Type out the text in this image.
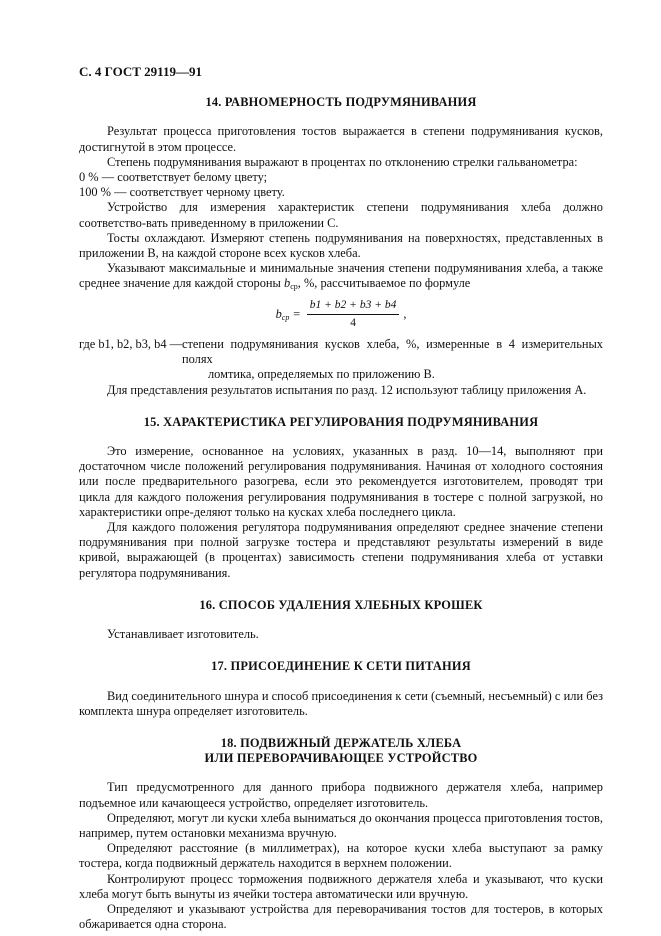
С. 4 ГОСТ 29119—91
14. РАВНОМЕРНОСТЬ ПОДРУМЯНИВАНИЯ

Результат процесса приготовления тостов выражается в степени подрумянивания кусков, достигнутой в этом процессе.

Степень подрумянивания выражают в процентах по отклонению стрелки гальванометра:

0 % — соответствует белому цвету;

100 % — соответствует черному цвету.

Устройство для измерения характеристик степени подрумянивания хлеба должно соответство-вать приведенному в приложении С.

Тосты охлаждают. Измеряют степень подрумянивания на поверхностях, представленных в приложении В, на каждой стороне всех кусков хлеба.

Указывают максимальные и минимальные значения степени подрумянивания хлеба, а также среднее значение для каждой стороны $b_{ср}$, %, рассчитываемое по формуле

$b_{ср} = \frac{b1 + b2 + b3 + b4}{4}$ ,
где b1, b2, b3, b4 — степени подрумянивания кусков хлеба, %, измеренные в 4 измерительных полях

ломтика, определяемых по приложению В.

Для представления результатов испытания по разд. 12 используют таблицу приложения А.

15. ХАРАКТЕРИСТИКА РЕГУЛИРОВАНИЯ ПОДРУМЯНИВАНИЯ

Это измерение, основанное на условиях, указанных в разд. 10—14, выполняют при достаточном числе положений регулирования подрумянивания. Начиная от холодного состояния или после предварительного разогрева, если это рекомендуется изготовителем, проводят три цикла для каждого положения регулирования подрумянивания в тостере с полной загрузкой, но характеристики опре-деляют только на кусках хлеба последнего цикла.

Для каждого положения регулятора подрумянивания определяют среднее значение степени подрумянивания при полной загрузке тостера и представляют результаты измерений в виде кривой, выражающей (в процентах) зависимость степени подрумянивания хлеба от уставки регулятора подрумянивания.

16. СПОСОБ УДАЛЕНИЯ ХЛЕБНЫХ КРОШЕК

Устанавливает изготовитель.

17. ПРИСОЕДИНЕНИЕ К СЕТИ ПИТАНИЯ

Вид соединительного шнура и способ присоединения к сети (съемный, несъемный) с или без комплекта шнура определяет изготовитель.

18. ПОДВИЖНЫЙ ДЕРЖАТЕЛЬ ХЛЕБА
ИЛИ ПЕРЕВОРАЧИВАЮЩЕЕ УСТРОЙСТВО

Тип предусмотренного для данного прибора подвижного держателя хлеба, например подъемное или качающееся устройство, определяет изготовитель.

Определяют, могут ли куски хлеба выниматься до окончания процесса приготовления тостов, например, путем остановки механизма вручную.

Определяют расстояние (в миллиметрах), на которое куски хлеба выступают за рамку тостера, когда подвижный держатель находится в верхнем положении.

Контролируют процесс торможения подвижного держателя хлеба и указывают, что куски хлеба могут быть вынуты из ячейки тостера автоматически или вручную.

Определяют и указывают устройства для переворачивания тостов для тостеров, в которых обжаривается одна сторона.
